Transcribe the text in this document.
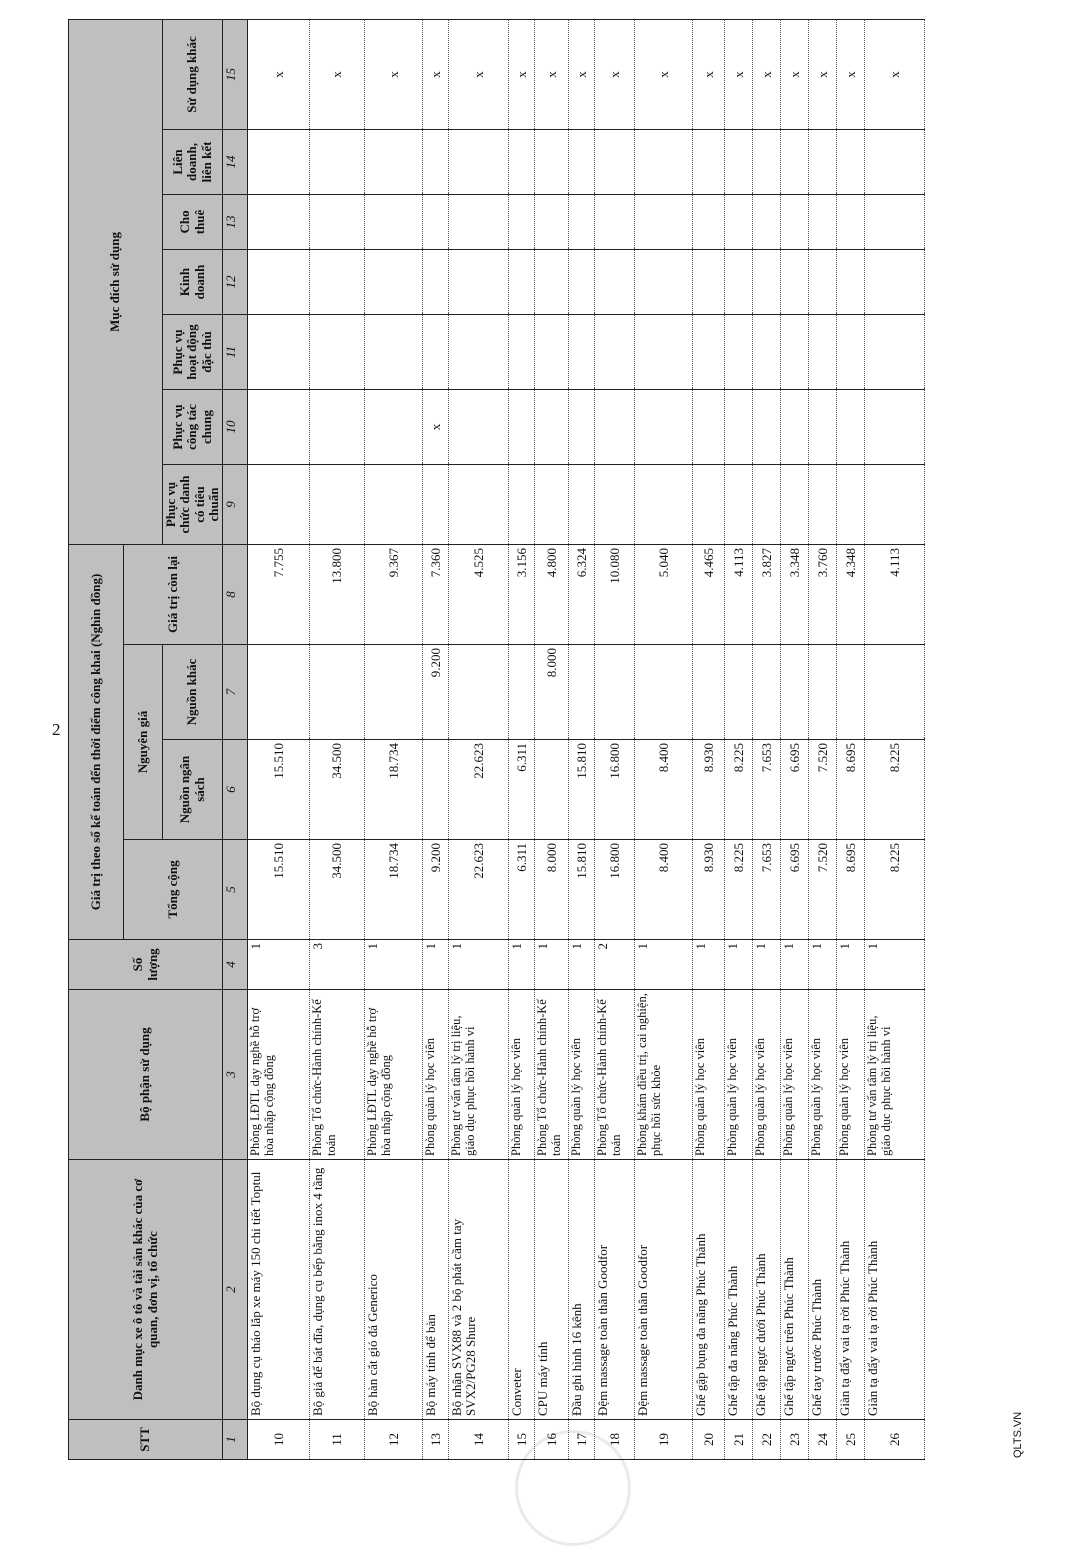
2
QLTS.VN
STT	Danh mục xe ô tô và tài sản khác của cơ quan, đơn vị, tổ chức	Bộ phận sử dụng	Số lượng	Giá trị theo sổ kế toán đến thời điểm công khai (Nghìn đồng)				Mục đích sử dụng						
				Tổng cộng	Nguyên giá		Giá trị còn lại							
					Nguồn ngân sách	Nguồn khác		Phục vụ chức danh có tiêu chuẩn	Phục vụ công tác chung	Phục vụ hoạt động đặc thù	Kinh doanh	Cho thuê	Liên doanh, liên kết	Sử dụng khác
1	2	3	4	5	6	7	8	9	10	11	12	13	14	15
10	Bộ dụng cụ tháo lắp xe máy 150 chi tiết Toptul	Phòng LĐTL dạy nghề hỗ trợ hòa nhập cộng đồng	1	15.510	15.510		7.755							x
11	Bộ giá để bát đĩa, dụng cụ bếp bằng inox 4 tầng	Phòng Tổ chức-Hành chính-Kế toán	3	34.500	34.500		13.800							x
12	Bộ hàn cắt gió đá Generico	Phòng LĐTL dạy nghề hỗ trợ hòa nhập cộng đồng	1	18.734	18.734		9.367							x
13	Bộ máy tính để bàn	Phòng quản lý học viên	1	9.200		9.200	7.360		x					x
14	Bộ nhận SVX88 và 2 bộ phát cầm tay SVX2/PG28 Shure	Phòng tư vấn tâm lý trị liệu, giáo dục phục hồi hành vi	1	22.623	22.623		4.525							x
15	Conveter	Phòng quản lý học viên	1	6.311	6.311		3.156							x
16	CPU máy tính	Phòng Tổ chức-Hành chính-Kế toán	1	8.000		8.000	4.800							x
17	Đầu ghi hình 16 kênh	Phòng quản lý học viên	1	15.810	15.810		6.324							x
18	Đệm massage toàn thân Goodfor	Phòng Tổ chức-Hành chính-Kế toán	2	16.800	16.800		10.080							x
19	Đệm massage toàn thân Goodfor	Phòng khám điều trị, cai nghiện, phục hồi sức khỏe	1	8.400	8.400		5.040							x
20	Ghế gập bụng đa năng Phúc Thành	Phòng quản lý học viên	1	8.930	8.930		4.465							x
21	Ghế tập đa năng Phúc Thành	Phòng quản lý học viên	1	8.225	8.225		4.113							x
22	Ghế tập ngực dưới Phúc Thành	Phòng quản lý học viên	1	7.653	7.653		3.827							x
23	Ghế tập ngực trên Phúc Thành	Phòng quản lý học viên	1	6.695	6.695		3.348							x
24	Ghế tay trước Phúc Thành	Phòng quản lý học viên	1	7.520	7.520		3.760							x
25	Giàn tạ đẩy vai tạ rời Phúc Thành	Phòng quản lý học viên	1	8.695	8.695		4.348							x
26	Giàn tạ đẩy vai tạ rời Phúc Thành	Phòng tư vấn tâm lý trị liệu, giáo dục phục hồi hành vi	1	8.225	8.225		4.113							x
